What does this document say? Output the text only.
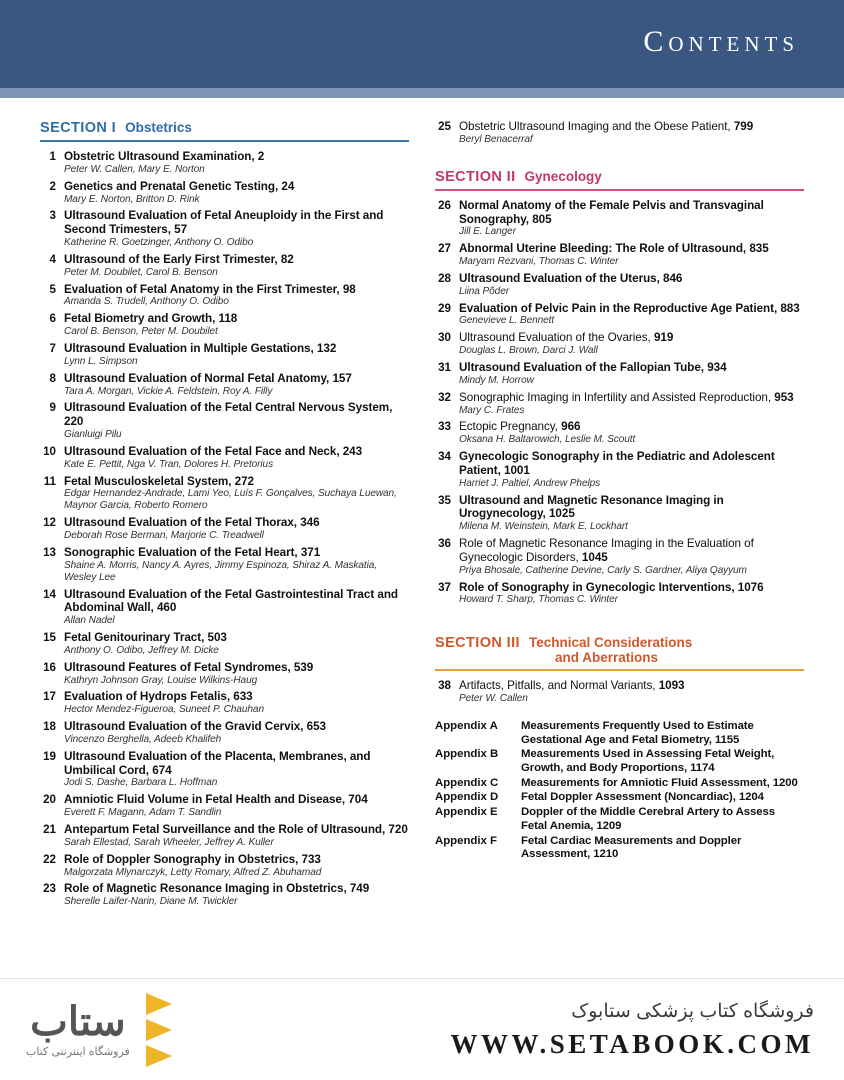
Contents
SECTION I Obstetrics
1 Obstetric Ultrasound Examination, 2
Peter W. Callen, Mary E. Norton
2 Genetics and Prenatal Genetic Testing, 24
Mary E. Norton, Britton D. Rink
3 Ultrasound Evaluation of Fetal Aneuploidy in the First and Second Trimesters, 57
Katherine R. Goetzinger, Anthony O. Odibo
4 Ultrasound of the Early First Trimester, 82
Peter M. Doubilet, Carol B. Benson
5 Evaluation of Fetal Anatomy in the First Trimester, 98
Amanda S. Trudell, Anthony O. Odibo
6 Fetal Biometry and Growth, 118
Carol B. Benson, Peter M. Doubilet
7 Ultrasound Evaluation in Multiple Gestations, 132
Lynn L. Simpson
8 Ultrasound Evaluation of Normal Fetal Anatomy, 157
Tara A. Morgan, Vickie A. Feldstein, Roy A. Filly
9 Ultrasound Evaluation of the Fetal Central Nervous System, 220
Gianluigi Pilu
10 Ultrasound Evaluation of the Fetal Face and Neck, 243
Kate E. Pettit, Nga V. Tran, Dolores H. Pretorius
11 Fetal Musculoskeletal System, 272
Edgar Hernandez-Andrade, Lami Yeo, Luís F. Gonçalves, Suchaya Luewan, Maynor Garcia, Roberto Romero
12 Ultrasound Evaluation of the Fetal Thorax, 346
Deborah Rose Berman, Marjorie C. Treadwell
13 Sonographic Evaluation of the Fetal Heart, 371
Shaine A. Morris, Nancy A. Ayres, Jimmy Espinoza, Shiraz A. Maskatia, Wesley Lee
14 Ultrasound Evaluation of the Fetal Gastrointestinal Tract and Abdominal Wall, 460
Allan Nadel
15 Fetal Genitourinary Tract, 503
Anthony O. Odibo, Jeffrey M. Dicke
16 Ultrasound Features of Fetal Syndromes, 539
Kathryn Johnson Gray, Louise Wilkins-Haug
17 Evaluation of Hydrops Fetalis, 633
Hector Mendez-Figueroa, Suneet P. Chauhan
18 Ultrasound Evaluation of the Gravid Cervix, 653
Vincenzo Berghella, Adeeb Khalifeh
19 Ultrasound Evaluation of the Placenta, Membranes, and Umbilical Cord, 674
Jodi S. Dashe, Barbara L. Hoffman
20 Amniotic Fluid Volume in Fetal Health and Disease, 704
Everett F. Magann, Adam T. Sandlin
21 Antepartum Fetal Surveillance and the Role of Ultrasound, 720
Sarah Ellestad, Sarah Wheeler, Jeffrey A. Kuller
22 Role of Doppler Sonography in Obstetrics, 733
Malgorzata Mlynarczyk, Letty Romary, Alfred Z. Abuhamad
23 Role of Magnetic Resonance Imaging in Obstetrics, 749
Sherelle Laifer-Narin, Diane M. Twickler
25 Obstetric Ultrasound Imaging and the Obese Patient, 799
Beryl Benacerraf
SECTION II Gynecology
26 Normal Anatomy of the Female Pelvis and Transvaginal Sonography, 805
Jill E. Langer
27 Abnormal Uterine Bleeding: The Role of Ultrasound, 835
Maryam Rezvani, Thomas C. Winter
28 Ultrasound Evaluation of the Uterus, 846
Liina Põder
29 Evaluation of Pelvic Pain in the Reproductive Age Patient, 883
Genevieve L. Bennett
30 Ultrasound Evaluation of the Ovaries, 919
Douglas L. Brown, Darci J. Wall
31 Ultrasound Evaluation of the Fallopian Tube, 934
Mindy M. Horrow
32 Sonographic Imaging in Infertility and Assisted Reproduction, 953
Mary C. Frates
33 Ectopic Pregnancy, 966
Oksana H. Baltarowich, Leslie M. Scoutt
34 Gynecologic Sonography in the Pediatric and Adolescent Patient, 1001
Harriet J. Paltiel, Andrew Phelps
35 Ultrasound and Magnetic Resonance Imaging in Urogynecology, 1025
Milena M. Weinstein, Mark E. Lockhart
36 Role of Magnetic Resonance Imaging in the Evaluation of Gynecologic Disorders, 1045
Priya Bhosale, Catherine Devine, Carly S. Gardner, Aliya Qayyum
37 Role of Sonography in Gynecologic Interventions, 1076
Howard T. Sharp, Thomas C. Winter
SECTION III Technical Considerations
and Aberrations
38 Artifacts, Pitfalls, and Normal Variants, 1093
Peter W. Callen
Appendix A	Measurements Frequently Used to Estimate Gestational Age and Fetal Biometry, 1155
Appendix B	Measurements Used in Assessing Fetal Weight, Growth, and Body Proportions, 1174
Appendix C	Measurements for Amniotic Fluid Assessment, 1200
Appendix D	Fetal Doppler Assessment (Noncardiac), 1204
Appendix E	Doppler of the Middle Cerebral Artery to Assess Fetal Anemia, 1209
Appendix F	Fetal Cardiac Measurements and Doppler Assessment, 1210
ستاب
فروشگاه اینترنتی کتاب
فروشگاه کتاب پزشکی ستابوک
WWW.SETABOOK.COM
